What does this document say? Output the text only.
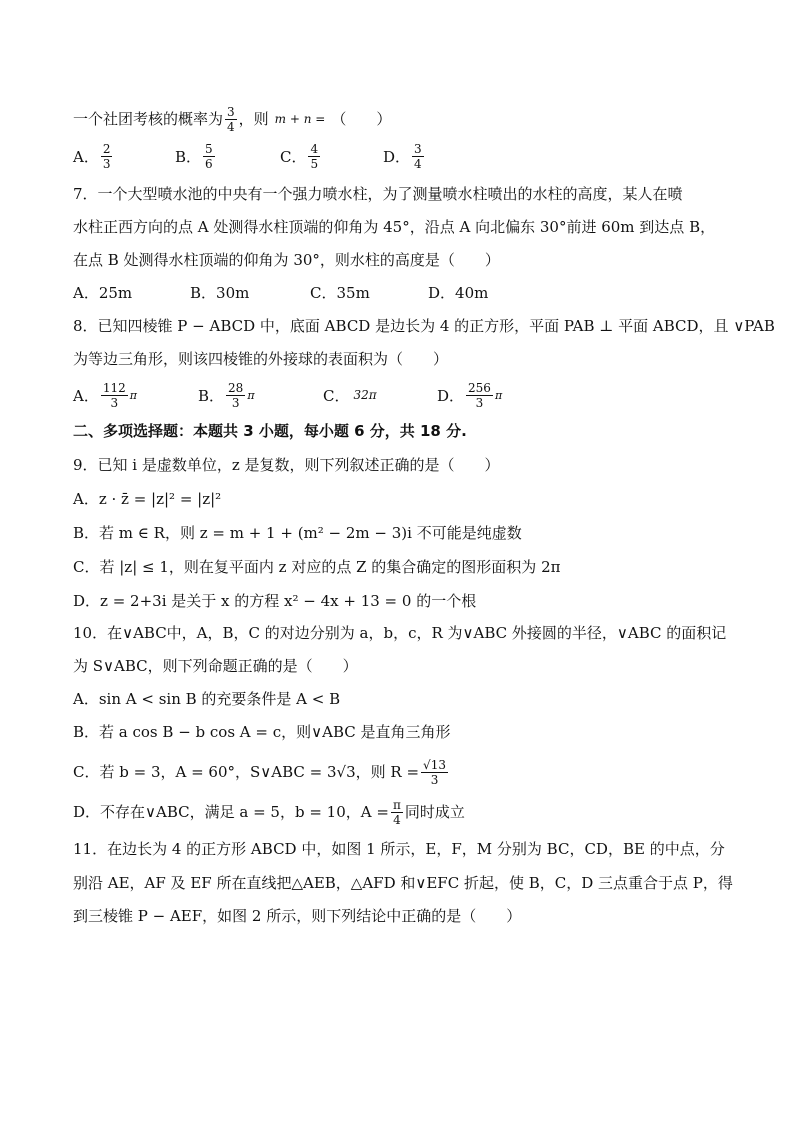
一个社团考核的概率为 $\frac{3}{4}$ ，则 m + n = （　　）
A． $\frac{2}{3}$	B． $\frac{5}{6}$	C． $\frac{4}{5}$	D． $\frac{3}{4}$
7．一个大型喷水池的中央有一个强力喷水柱，为了测量喷水柱喷出的水柱的高度，某人在喷
水柱正西方向的点 A 处测得水柱顶端的仰角为 45°，沿点 A 向北偏东 30°前进 60m 到达点 B，
在点 B 处测得水柱顶端的仰角为 30°，则水柱的高度是（　　）
A．25m	B．30m	C．35m	D．40m
8．已知四棱锥 P − ABCD 中，底面 ABCD 是边长为 4 的正方形，平面 PAB ⊥ 平面 ABCD，且 ∨PAB
为等边三角形，则该四棱锥的外接球的表面积为（　　）
A． $\frac{112}{3}$ π	B． $\frac{28}{3}$ π	C． 32π	D． $\frac{256}{3}$ π
二、多项选择题：本题共 3 小题，每小题 6 分，共 18 分.
9．已知 i 是虚数单位，z 是复数，则下列叙述正确的是（　　）
A．z · z̄ = |z|² = |z|²
B．若 m ∈ R，则 z = m + 1 + (m² − 2m − 3)i 不可能是纯虚数
C．若 |z| ≤ 1，则在复平面内 z 对应的点 Z 的集合确定的图形面积为 2π
D．z = 2+3i 是关于 x 的方程 x² − 4x + 13 = 0 的一个根
10．在∨ABC中，A，B，C 的对边分别为 a，b，c，R 为∨ABC 外接圆的半径，∨ABC 的面积记
为 S∨ABC，则下列命题正确的是（　　）
A．sin A < sin B 的充要条件是 A < B
B．若 a cos B − b cos A = c，则∨ABC 是直角三角形
C．若 b = 3，A = 60°，S∨ABC = 3√3，则 $R = \frac{√13}{3}$
D．不存在∨ABC，满足 a = 5，b = 10，$A = \frac{\pi}{4}$ 同时成立
11．在边长为 4 的正方形 ABCD 中，如图 1 所示，E，F，M 分别为 BC，CD，BE 的中点，分
别沿 AE，AF 及 EF 所在直线把△AEB，△AFD 和∨EFC 折起，使 B，C，D 三点重合于点 P，得
到三棱锥 P − AEF，如图 2 所示，则下列结论中正确的是（　　）
